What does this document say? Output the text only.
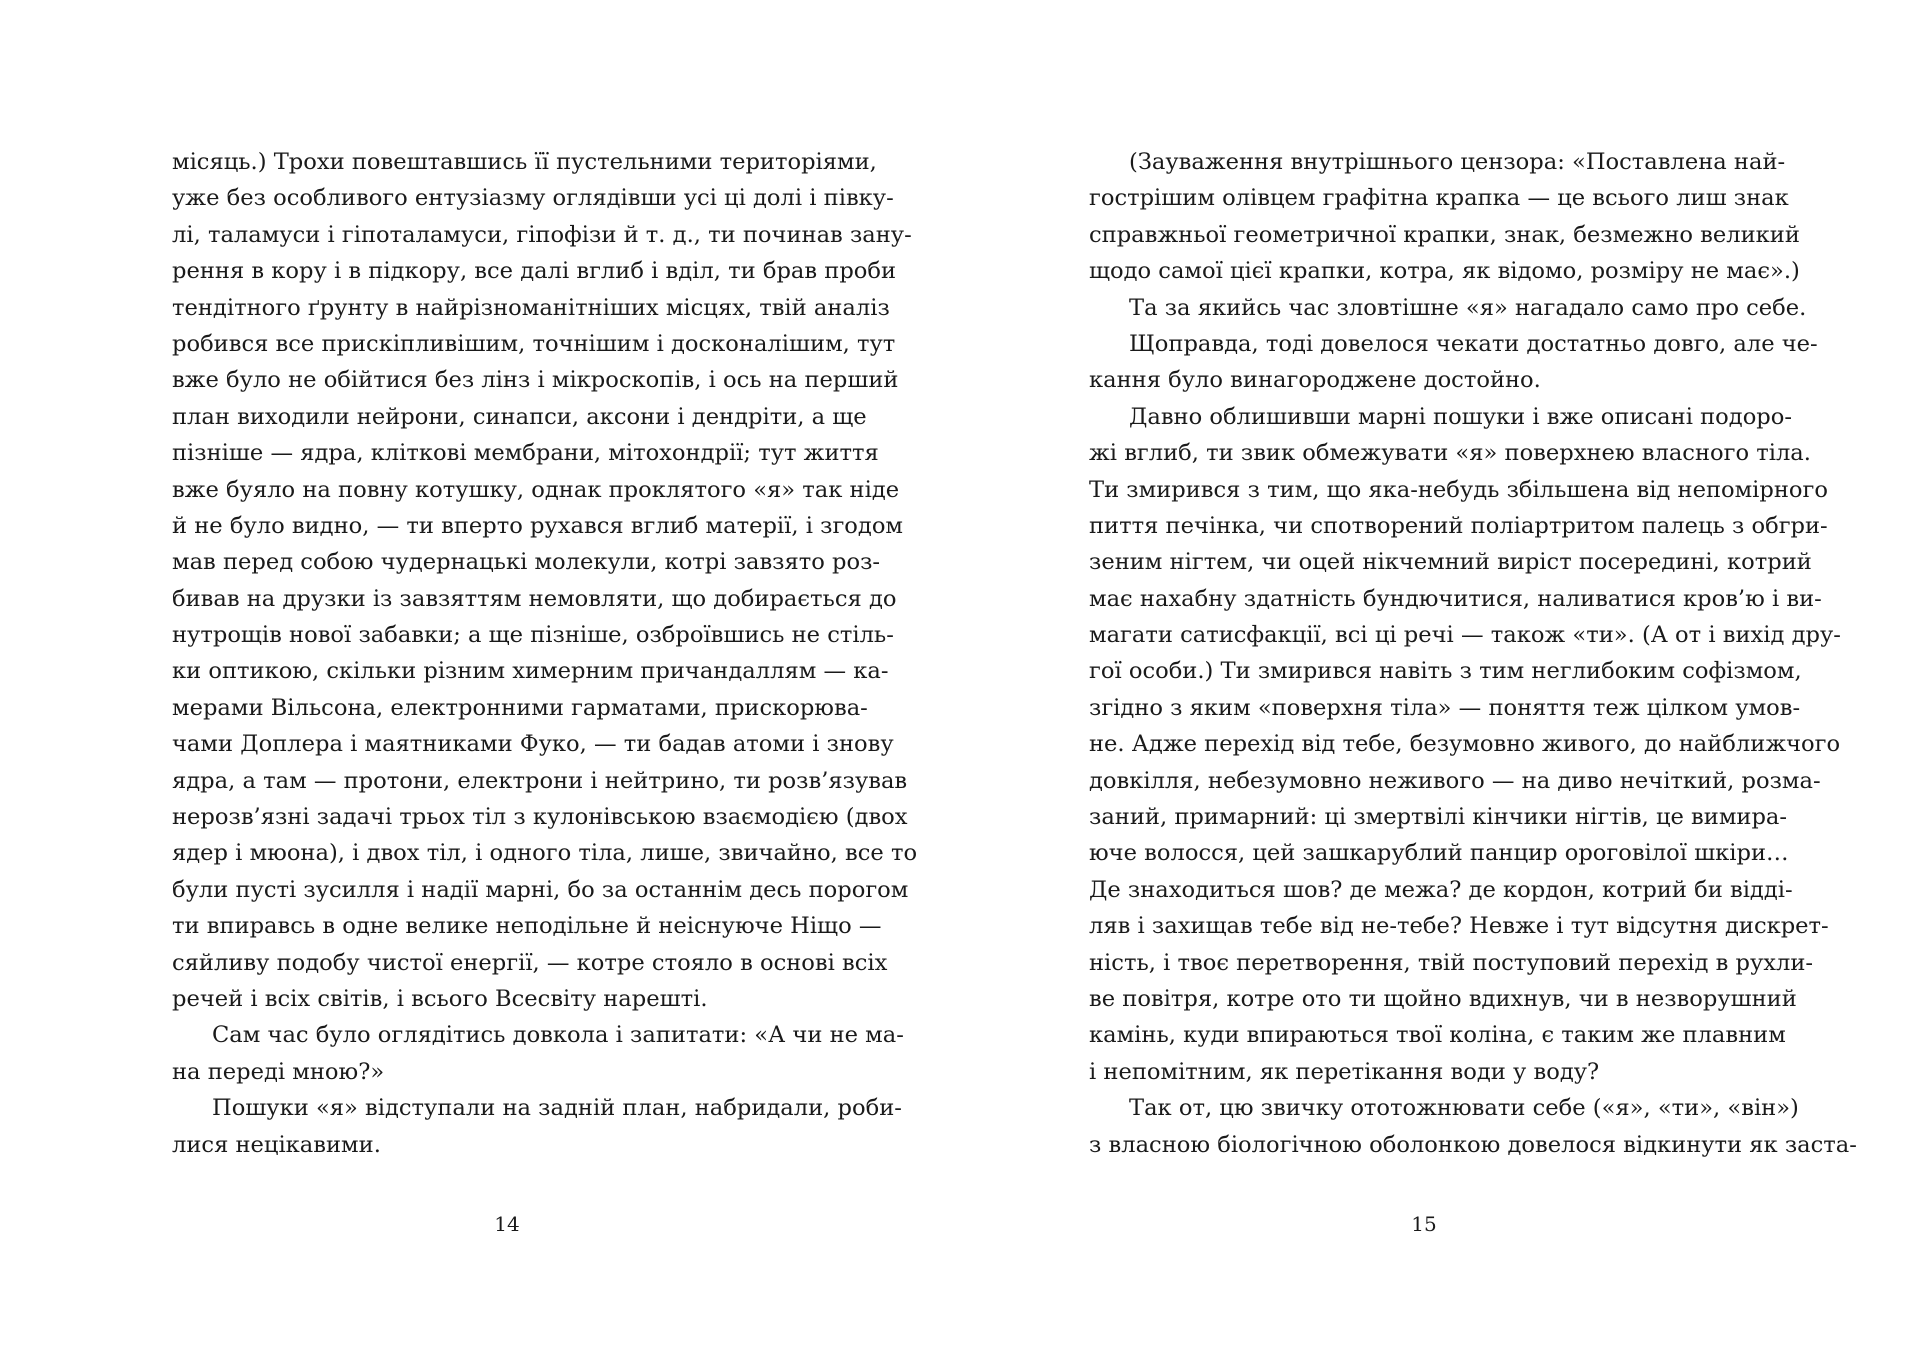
місяць.) Трохи повештавшись її пустельними територіями,
уже без особливого ентузіазму оглядівши усі ці долі і півку-
лі, таламуси і гіпоталамуси, гіпофізи й т. д., ти починав зану-
рення в кору і в підкору, все далі вглиб і вділ, ти брав проби
тендітного ґрунту в найрізноманітніших місцях, твій аналіз
робився все прискіпливішим, точнішим і досконалішим, тут
вже було не обійтися без лінз і мікроскопів, і ось на перший
план виходили нейрони, синапси, аксони і дендріти, а ще
пізніше — ядра, кліткові мембрани, мітохондрії; тут життя
вже буяло на повну котушку, однак проклятого «я» так ніде
й не було видно, — ти вперто рухався вглиб матерії, і згодом
мав перед собою чудернацькі молекули, котрі завзято роз-
бивав на друзки із завзяттям немовляти, що добирається до
нутрощів нової забавки; а ще пізніше, озброївшись не стіль-
ки оптикою, скільки різним химерним причандаллям — ка-
мерами Вільсона, електронними гарматами, прискорюва-
чами Доплера і маятниками Фуко, — ти бадав атоми і знову
ядра, а там — протони, електрони і нейтрино, ти розв’язував
нерозв’язні задачі трьох тіл з кулонівською взаємодією (двох
ядер і мюона), і двох тіл, і одного тіла, лише, звичайно, все то
були пусті зусилля і надії марні, бо за останнім десь порогом
ти впиравсь в одне велике неподільне й неіснуюче Ніщо —
сяйливу подобу чистої енергії, — котре стояло в основі всіх
речей і всіх світів, і всього Всесвіту нарешті.
Сам час було оглядітись довкола і запитати: «А чи не ма-
на переді мною?»
Пошуки «я» відступали на задній план, набридали, роби-
лися нецікавими.
(Зауваження внутрішнього цензора: «Поставлена най-
гострішим олівцем графітна крапка — це всього лиш знак
справжньої геометричної крапки, знак, безмежно великий
щодо самої цієї крапки, котра, як відомо, розміру не має».)
Та за якийсь час зловтішне «я» нагадало само про себе.
Щоправда, тоді довелося чекати достатньо довго, але че-
кання було винагороджене достойно.
Давно облишивши марні пошуки і вже описані подоро-
жі вглиб, ти звик обмежувати «я» поверхнею власного тіла.
Ти змирився з тим, що яка-небудь збільшена від непомірного
пиття печінка, чи спотворений поліартритом палець з обгри-
зеним нігтем, чи оцей нікчемний виріст посередині, котрий
має нахабну здатність бундючитися, наливатися кров’ю і ви-
магати сатисфакції, всі ці речі — також «ти». (А от і вихід дру-
гої особи.) Ти змирився навіть з тим неглибоким софізмом,
згідно з яким «поверхня тіла» — поняття теж цілком умов-
не. Адже перехід від тебе, безумовно живого, до найближчого
довкілля, небезумовно неживого — на диво нечіткий, розма-
заний, примарний: ці змертвілі кінчики нігтів, це вимира-
юче волосся, цей зашкарублий панцир ороговілої шкіри…
Де знаходиться шов? де межа? де кордон, котрий би відді-
ляв і захищав тебе від не-тебе? Невже і тут відсутня дискрет-
ність, і твоє перетворення, твій поступовий перехід в рухли-
ве повітря, котре ото ти щойно вдихнув, чи в незворушний
камінь, куди впираються твої коліна, є таким же плавним
і непомітним, як перетікання води у воду?
Так от, цю звичку ототожнювати себе («я», «ти», «він»)
з власною біологічною оболонкою довелося відкинути як заста-
14	15
